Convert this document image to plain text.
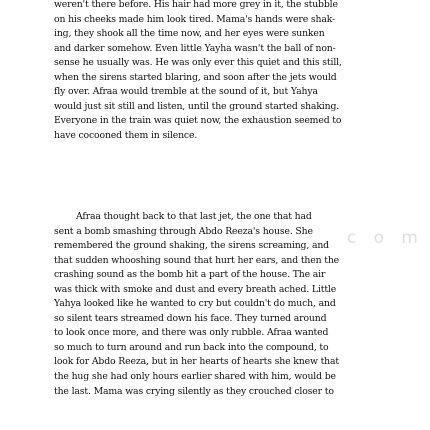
weren't there before. His hair had more grey in it, the stubble
on his cheeks made him look tired. Mama's hands were shak-
ing, they shook all the time now, and her eyes were sunken
and darker somehow. Even little Yayha wasn't the ball of non-
sense he usually was. He was only ever this quiet and this still,
when the sirens started blaring, and soon after the jets would
fly over. Afraa would tremble at the sound of it, but Yahya
would just sit still and listen, until the ground started shaking.
Everyone in the train was quiet now, the exhaustion seemed to
have cocooned them in silence.
Afraa thought back to that last jet, the one that had
sent a bomb smashing through Abdo Reeza's house. She
remembered the ground shaking, the sirens screaming, and
that sudden whooshing sound that hurt her ears, and then the
crashing sound as the bomb hit a part of the house. The air
was thick with smoke and dust and every breath ached. Little
Yahya looked like he wanted to cry but couldn't do much, and
so silent tears streamed down his face. They turned around
to look once more, and there was only rubble. Afraa wanted
so much to turn around and run back into the compound, to
look for Abdo Reeza, but in her hearts of hearts she knew that
the hug she had only hours earlier shared with him, would be
the last. Mama was crying silently as they crouched closer to
. c o m
